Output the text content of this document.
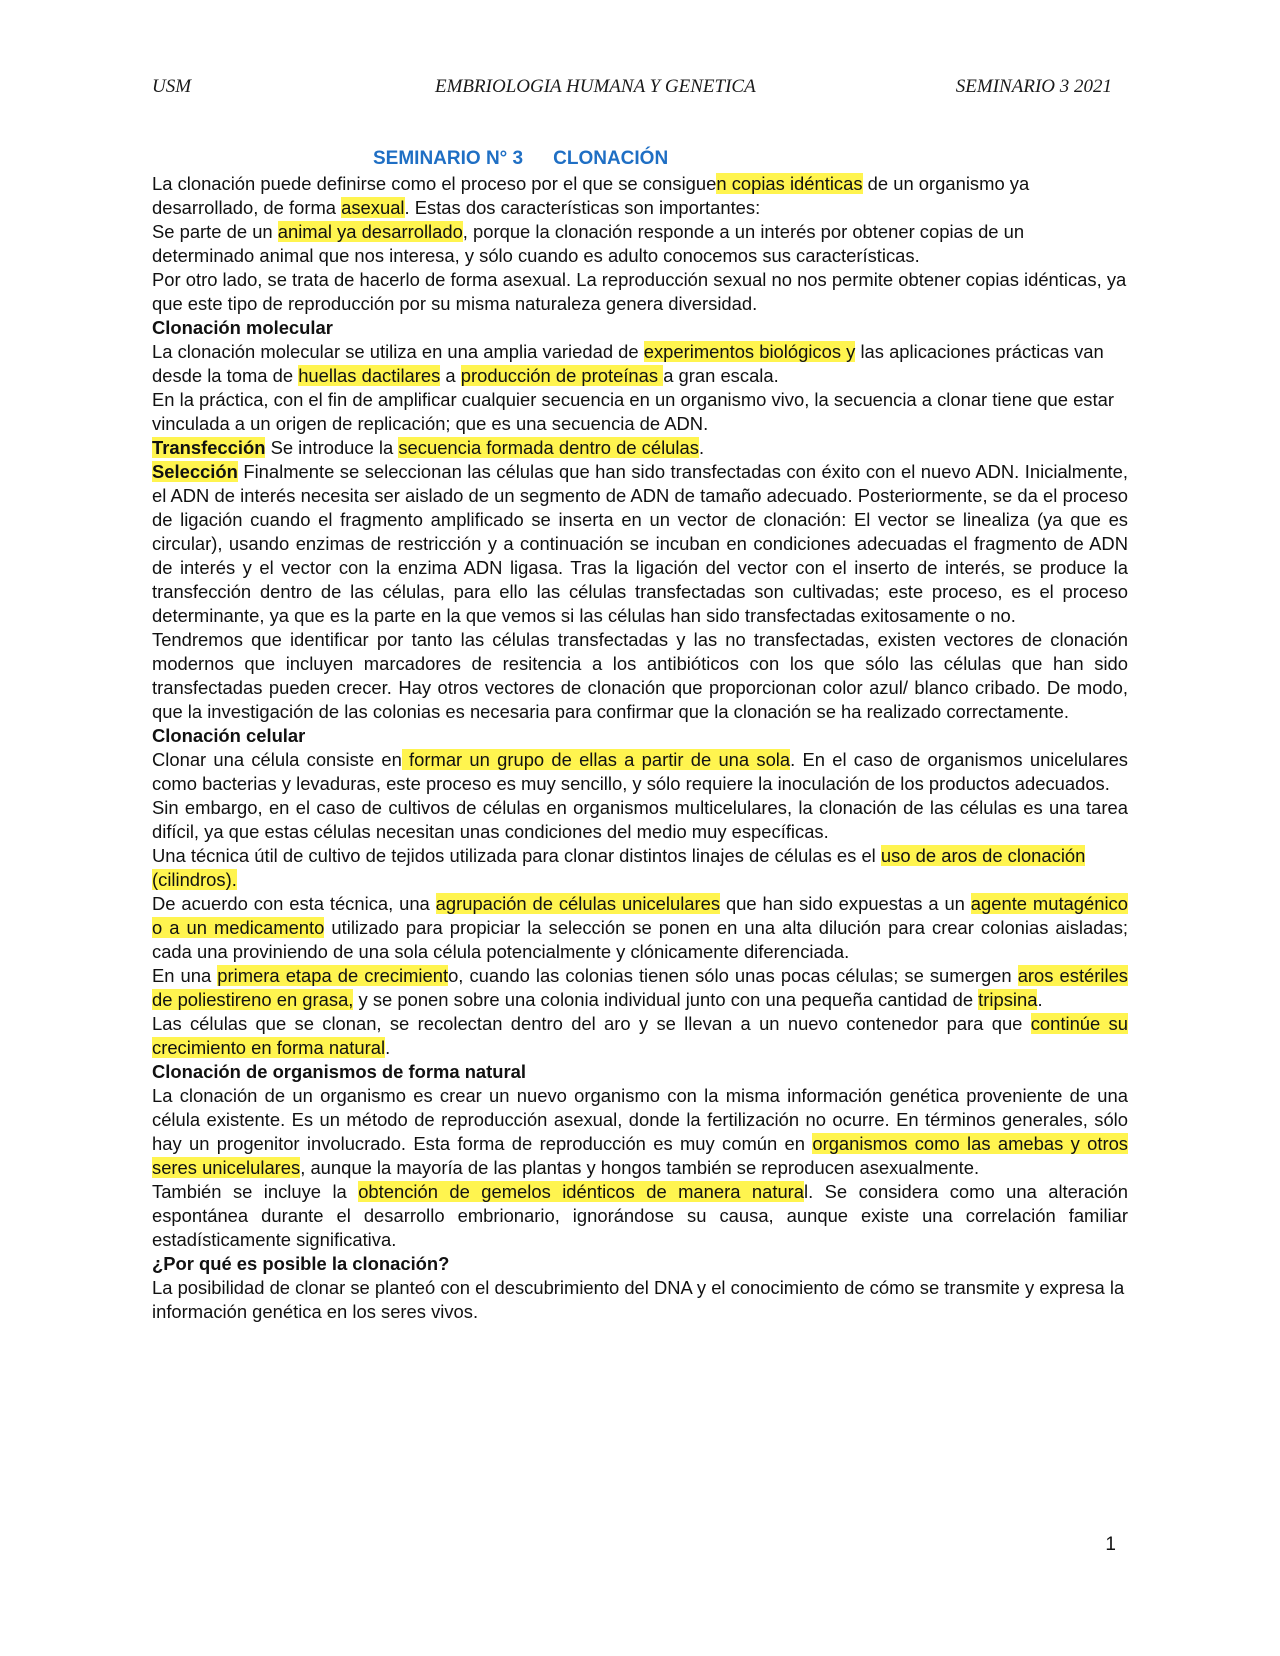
USM	EMBRIOLOGIA HUMANA Y GENETICA	SEMINARIO 3 2021
SEMINARIO N° 3 CLONACIÓN

La clonación puede definirse como el proceso por el que se consiguen copias idénticas de un organismo ya desarrollado, de forma asexual. Estas dos características son importantes:

Se parte de un animal ya desarrollado, porque la clonación responde a un interés por obtener copias de un determinado animal que nos interesa, y sólo cuando es adulto conocemos sus características.

Por otro lado, se trata de hacerlo de forma asexual. La reproducción sexual no nos permite obtener copias idénticas, ya que este tipo de reproducción por su misma naturaleza genera diversidad.

Clonación molecular

La clonación molecular se utiliza en una amplia variedad de experimentos biológicos y las aplicaciones prácticas van desde la toma de huellas dactilares a producción de proteínas a gran escala.

En la práctica, con el fin de amplificar cualquier secuencia en un organismo vivo, la secuencia a clonar tiene que estar vinculada a un origen de replicación; que es una secuencia de ADN.

Transfección Se introduce la secuencia formada dentro de células.

Selección Finalmente se seleccionan las células que han sido transfectadas con éxito con el nuevo ADN. Inicialmente, el ADN de interés necesita ser aislado de un segmento de ADN de tamaño adecuado. Posteriormente, se da el proceso de ligación cuando el fragmento amplificado se inserta en un vector de clonación: El vector se linealiza (ya que es circular), usando enzimas de restricción y a continuación se incuban en condiciones adecuadas el fragmento de ADN de interés y el vector con la enzima ADN ligasa. Tras la ligación del vector con el inserto de interés, se produce la transfección dentro de las células, para ello las células transfectadas son cultivadas; este proceso, es el proceso determinante, ya que es la parte en la que vemos si las células han sido transfectadas exitosamente o no.

Tendremos que identificar por tanto las células transfectadas y las no transfectadas, existen vectores de clonación modernos que incluyen marcadores de resitencia a los antibióticos con los que sólo las células que han sido transfectadas pueden crecer. Hay otros vectores de clonación que proporcionan color azul/ blanco cribado. De modo, que la investigación de las colonias es necesaria para confirmar que la clonación se ha realizado correctamente.

Clonación celular

Clonar una célula consiste en formar un grupo de ellas a partir de una sola. En el caso de organismos unicelulares como bacterias y levaduras, este proceso es muy sencillo, y sólo requiere la inoculación de los productos adecuados.

Sin embargo, en el caso de cultivos de células en organismos multicelulares, la clonación de las células es una tarea difícil, ya que estas células necesitan unas condiciones del medio muy específicas.

Una técnica útil de cultivo de tejidos utilizada para clonar distintos linajes de células es el uso de aros de clonación (cilindros).

De acuerdo con esta técnica, una agrupación de células unicelulares que han sido expuestas a un agente mutagénico o a un medicamento utilizado para propiciar la selección se ponen en una alta dilución para crear colonias aisladas; cada una proviniendo de una sola célula potencialmente y clónicamente diferenciada.

En una primera etapa de crecimiento, cuando las colonias tienen sólo unas pocas células; se sumergen aros estériles de poliestireno en grasa, y se ponen sobre una colonia individual junto con una pequeña cantidad de tripsina.

Las células que se clonan, se recolectan dentro del aro y se llevan a un nuevo contenedor para que continúe su crecimiento en forma natural.

Clonación de organismos de forma natural

La clonación de un organismo es crear un nuevo organismo con la misma información genética proveniente de una célula existente. Es un método de reproducción asexual, donde la fertilización no ocurre. En términos generales, sólo hay un progenitor involucrado. Esta forma de reproducción es muy común en organismos como las amebas y otros seres unicelulares, aunque la mayoría de las plantas y hongos también se reproducen asexualmente.

También se incluye la obtención de gemelos idénticos de manera natural. Se considera como una alteración espontánea durante el desarrollo embrionario, ignorándose su causa, aunque existe una correlación familiar estadísticamente significativa.

¿Por qué es posible la clonación?

La posibilidad de clonar se planteó con el descubrimiento del DNA y el conocimiento de cómo se transmite y expresa la información genética en los seres vivos.

1
